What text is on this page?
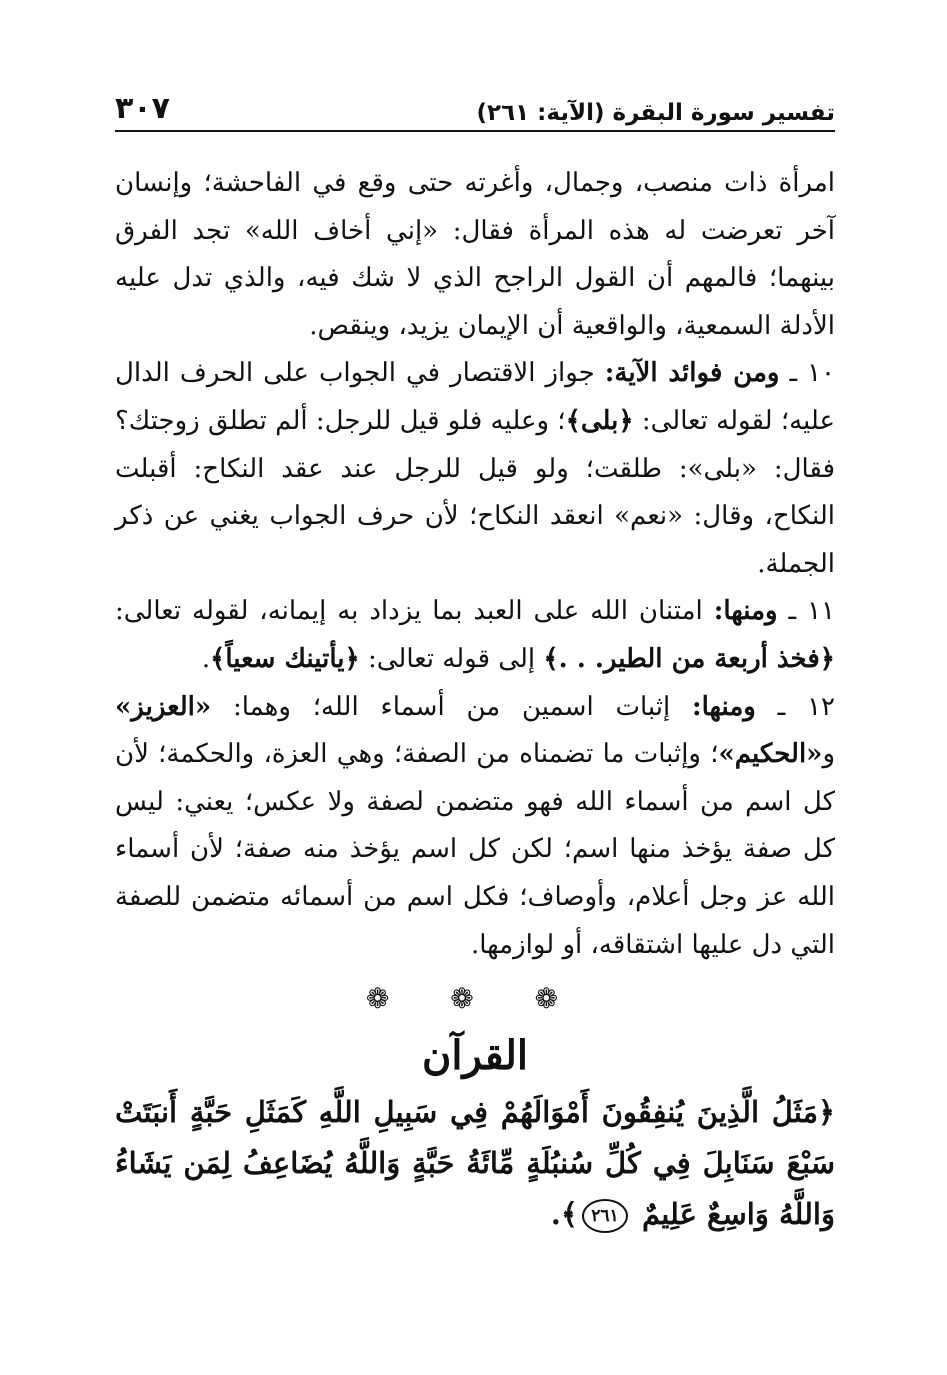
تفسير سورة البقرة (الآية: ٢٦١)
٣٠٧

امرأة ذات منصب، وجمال، وأغرته حتى وقع في الفاحشة؛ وإنسان آخر تعرضت له هذه المرأة فقال: «إني أخاف الله» تجد الفرق بينهما؛ فالمهم أن القول الراجح الذي لا شك فيه، والذي تدل عليه الأدلة السمعية، والواقعية أن الإيمان يزيد، وينقص.

١٠ ـ ومن فوائد الآية: جواز الاقتصار في الجواب على الحرف الدال عليه؛ لقوله تعالى: ﴿بلى﴾؛ وعليه فلو قيل للرجل: ألم تطلق زوجتك؟ فقال: «بلى»: طلقت؛ ولو قيل للرجل عند عقد النكاح: أقبلت النكاح، وقال: «نعم» انعقد النكاح؛ لأن حرف الجواب يغني عن ذكر الجملة.

١١ ـ ومنها: امتنان الله على العبد بما يزداد به إيمانه، لقوله تعالى: ﴿فخذ أربعة من الطير. . .﴾ إلى قوله تعالى: ﴿يأتينك سعياً﴾.

١٢ ـ ومنها: إثبات اسمين من أسماء الله؛ وهما: «العزيز» و«الحكيم»؛ وإثبات ما تضمناه من الصفة؛ وهي العزة، والحكمة؛ لأن كل اسم من أسماء الله فهو متضمن لصفة ولا عكس؛ يعني: ليس كل صفة يؤخذ منها اسم؛ لكن كل اسم يؤخذ منه صفة؛ لأن أسماء الله عز وجل أعلام، وأوصاف؛ فكل اسم من أسمائه متضمن للصفة التي دل عليها اشتقاقه، أو لوازمها.

❁ ❁ ❁
القرآن
﴿مَثَلُ الَّذِينَ يُنفِقُونَ أَمْوَالَهُمْ فِي سَبِيلِ اللَّهِ كَمَثَلِ حَبَّةٍ أَنبَتَتْ سَبْعَ سَنَابِلَ فِي كُلِّ سُنبُلَةٍ مِّائَةُ حَبَّةٍ وَاللَّهُ يُضَاعِفُ لِمَن يَشَاءُ وَاللَّهُ وَاسِعٌ عَلِيمٌ ٢٦١﴾.
